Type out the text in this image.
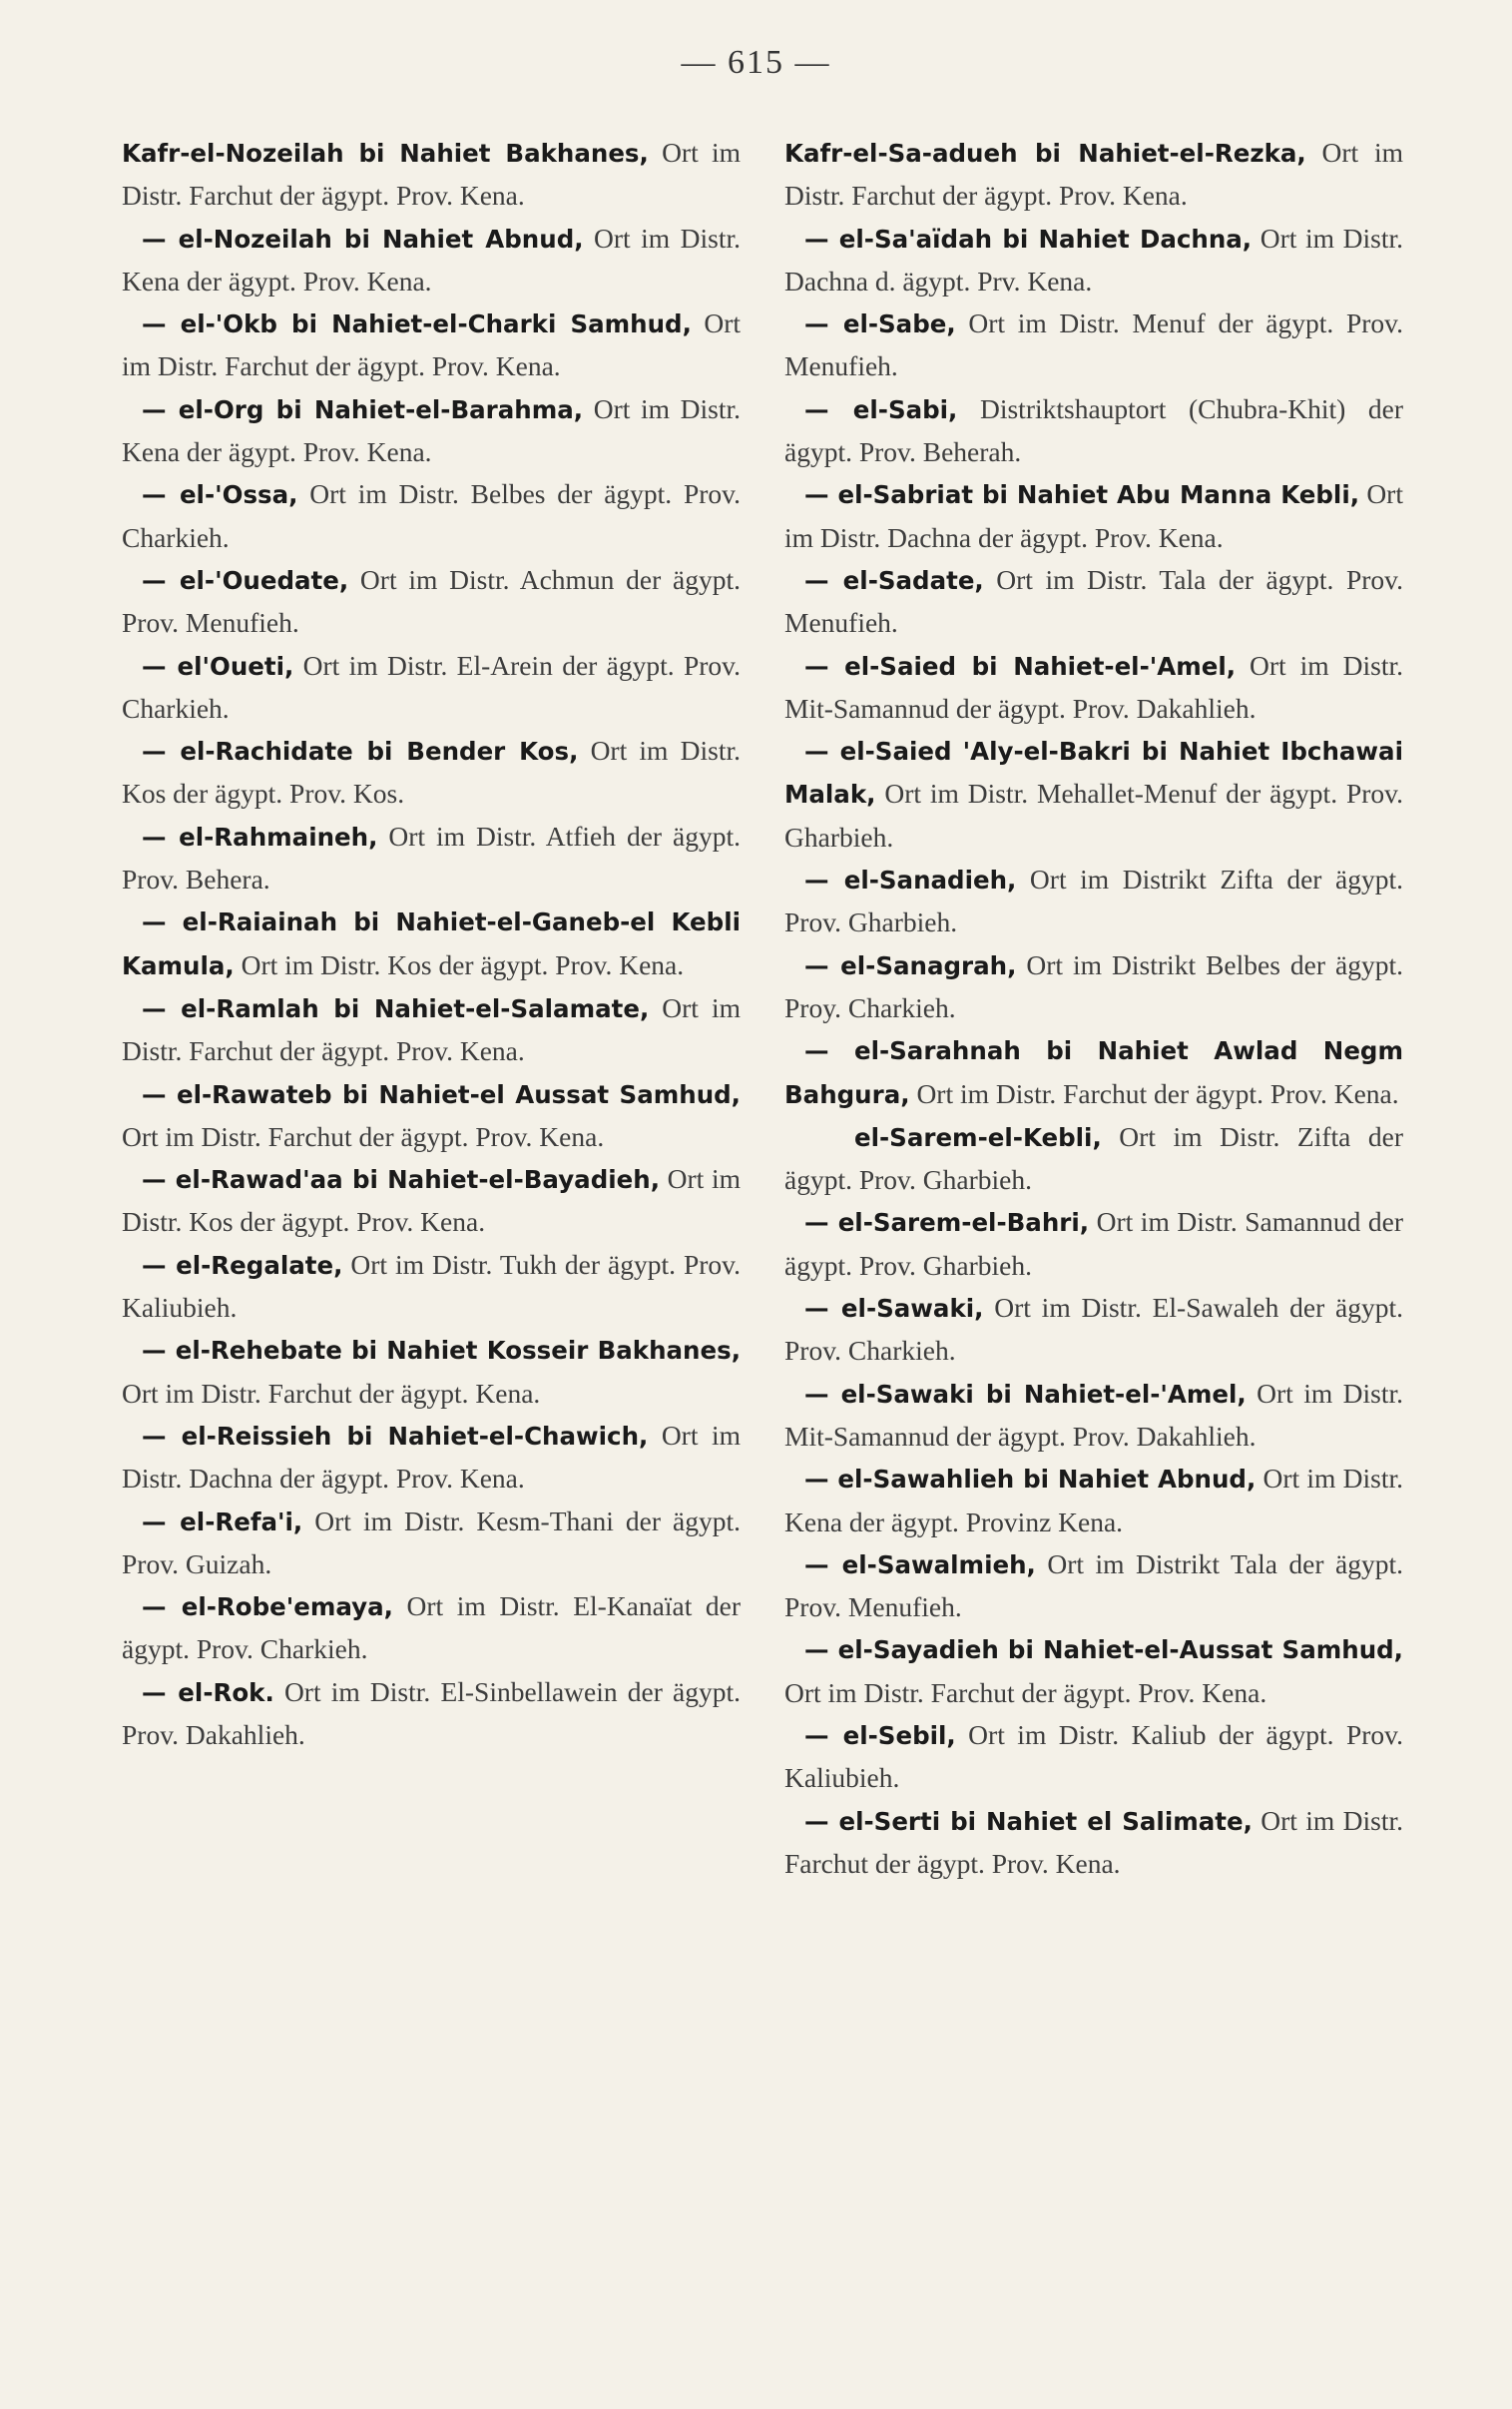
— 615 —

Kafr-el-Nozeilah bi Nahiet Bakhanes, Ort im Distr. Farchut der ägypt. Prov. Kena.

— el-Nozeilah bi Nahiet Abnud, Ort im Distr. Kena der ägypt. Prov. Kena.

— el-'Okb bi Nahiet-el-Charki Samhud, Ort im Distr. Farchut der ägypt. Prov. Kena.

— el-Org bi Nahiet-el-Barahma, Ort im Distr. Kena der ägypt. Prov. Kena.

— el-'Ossa, Ort im Distr. Belbes der ägypt. Prov. Charkieh.

— el-'Ouedate, Ort im Distr. Achmun der ägypt. Prov. Menufieh.

— el'Oueti, Ort im Distr. El-Arein der ägypt. Prov. Charkieh.

— el-Rachidate bi Bender Kos, Ort im Distr. Kos der ägypt. Prov. Kos.

— el-Rahmaineh, Ort im Distr. Atfieh der ägypt. Prov. Behera.

— el-Raiainah bi Nahiet-el-Ganeb-el Kebli Kamula, Ort im Distr. Kos der ägypt. Prov. Kena.

— el-Ramlah bi Nahiet-el-Salamate, Ort im Distr. Farchut der ägypt. Prov. Kena.

— el-Rawateb bi Nahiet-el Aussat Samhud, Ort im Distr. Farchut der ägypt. Prov. Kena.

— el-Rawad'aa bi Nahiet-el-Bayadieh, Ort im Distr. Kos der ägypt. Prov. Kena.

— el-Regalate, Ort im Distr. Tukh der ägypt. Prov. Kaliubieh.

— el-Rehebate bi Nahiet Kosseir Bakhanes, Ort im Distr. Farchut der ägypt. Kena.

— el-Reissieh bi Nahiet-el-Chawich, Ort im Distr. Dachna der ägypt. Prov. Kena.

— el-Refa'i, Ort im Distr. Kesm-Thani der ägypt. Prov. Guizah.

— el-Robe'emaya, Ort im Distr. El-Kanaïat der ägypt. Prov. Charkieh.

— el-Rok. Ort im Distr. El-Sinbellawein der ägypt. Prov. Dakahlieh.

Kafr-el-Sa-adueh bi Nahiet-el-Rezka, Ort im Distr. Farchut der ägypt. Prov. Kena.

— el-Sa'aïdah bi Nahiet Dachna, Ort im Distr. Dachna d. ägypt. Prv. Kena.

— el-Sabe, Ort im Distr. Menuf der ägypt. Prov. Menufieh.

— el-Sabi, Distriktshauptort (Chubra-Khit) der ägypt. Prov. Beherah.

— el-Sabriat bi Nahiet Abu Manna Kebli, Ort im Distr. Dachna der ägypt. Prov. Kena.

— el-Sadate, Ort im Distr. Tala der ägypt. Prov. Menufieh.

— el-Saied bi Nahiet-el-'Amel, Ort im Distr. Mit-Samannud der ägypt. Prov. Dakahlieh.

— el-Saied 'Aly-el-Bakri bi Nahiet Ibchawai Malak, Ort im Distr. Mehallet-Menuf der ägypt. Prov. Gharbieh.

— el-Sanadieh, Ort im Distrikt Zifta der ägypt. Prov. Gharbieh.

— el-Sanagrah, Ort im Distrikt Belbes der ägypt. Proy. Charkieh.

— el-Sarahnah bi Nahiet Awlad Negm Bahgura, Ort im Distr. Farchut der ägypt. Prov. Kena.

el-Sarem-el-Kebli, Ort im Distr. Zifta der ägypt. Prov. Gharbieh.

— el-Sarem-el-Bahri, Ort im Distr. Samannud der ägypt. Prov. Gharbieh.

— el-Sawaki, Ort im Distr. El-Sawaleh der ägypt. Prov. Charkieh.

— el-Sawaki bi Nahiet-el-'Amel, Ort im Distr. Mit-Samannud der ägypt. Prov. Dakahlieh.

— el-Sawahlieh bi Nahiet Abnud, Ort im Distr. Kena der ägypt. Provinz Kena.

— el-Sawalmieh, Ort im Distrikt Tala der ägypt. Prov. Menufieh.

— el-Sayadieh bi Nahiet-el-Aussat Samhud, Ort im Distr. Farchut der ägypt. Prov. Kena.

— el-Sebil, Ort im Distr. Kaliub der ägypt. Prov. Kaliubieh.

— el-Serti bi Nahiet el Salimate, Ort im Distr. Farchut der ägypt. Prov. Kena.
